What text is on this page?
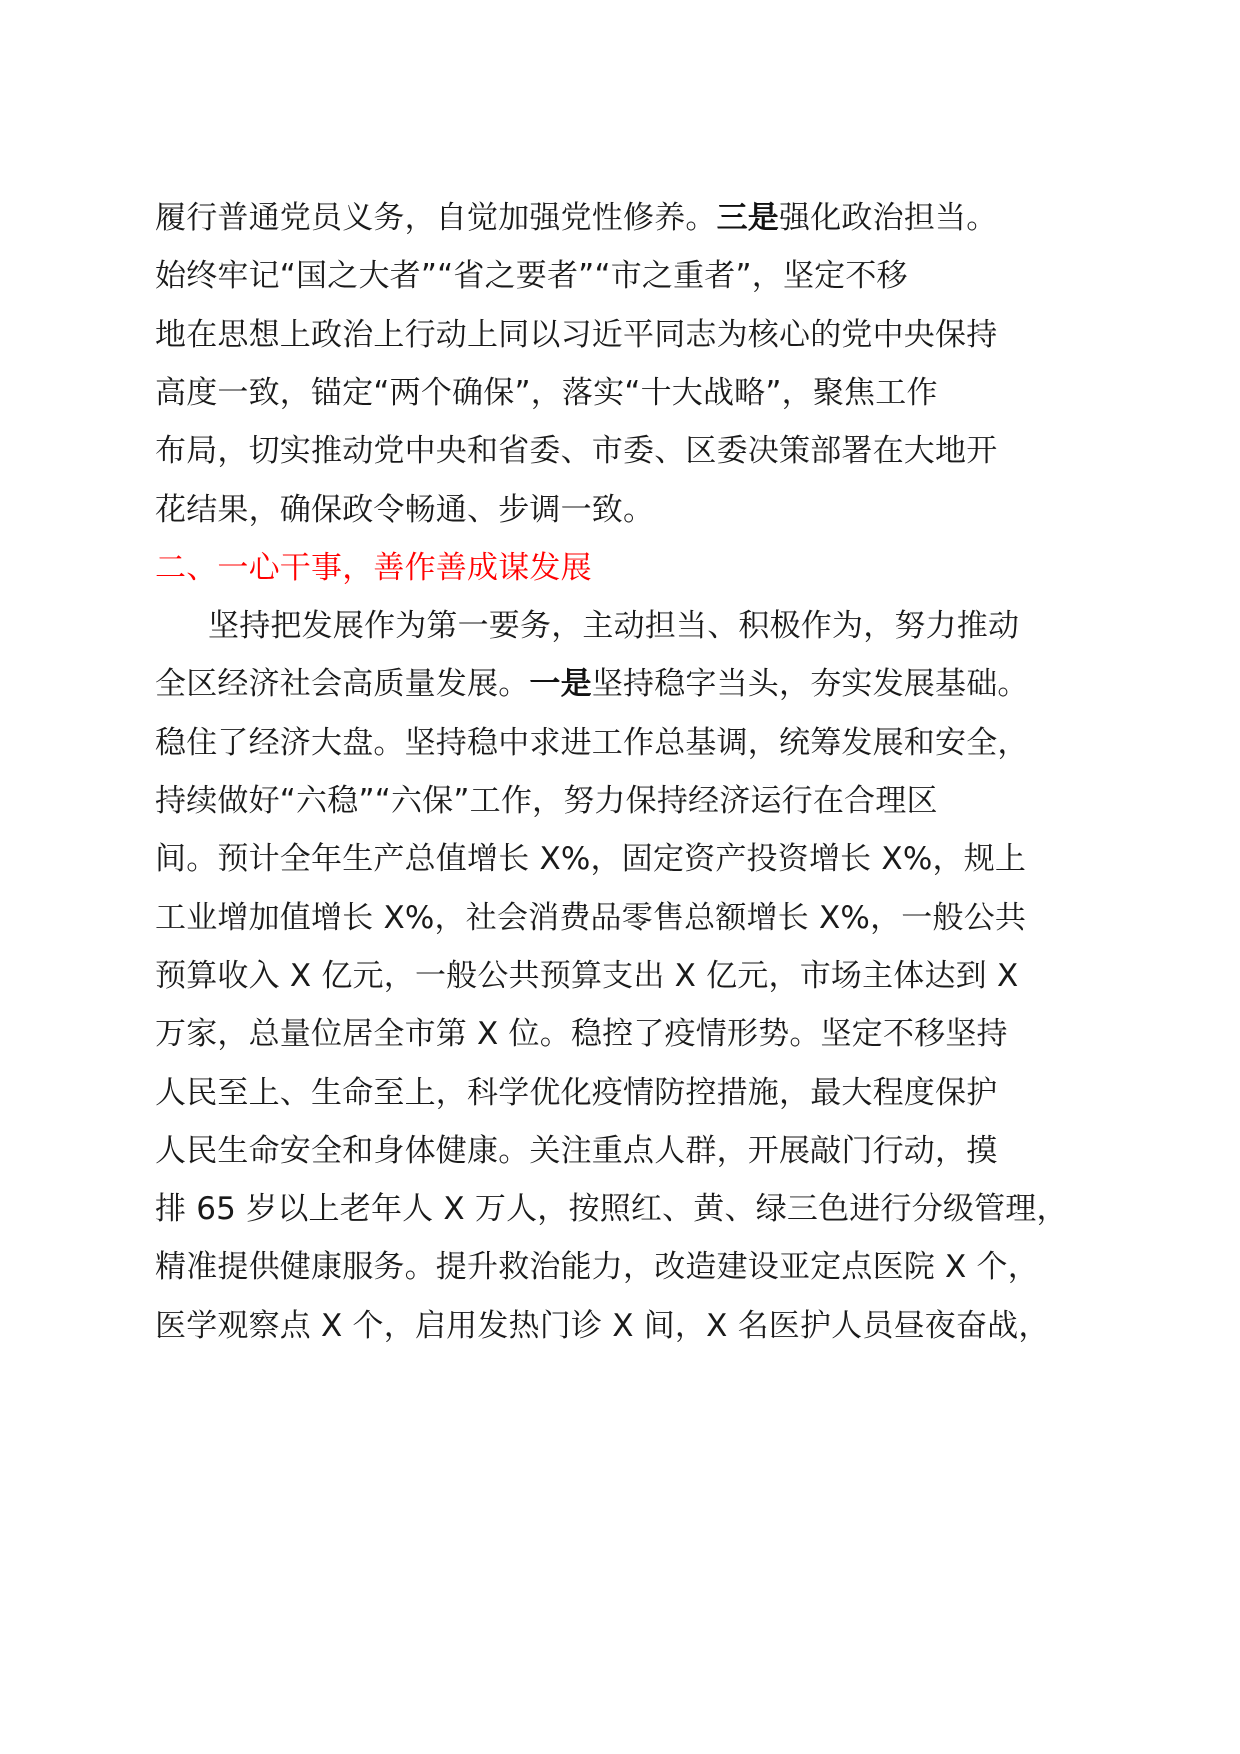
履行普通党员义务，自觉加强党性修养。三是强化政治担当。
始终牢记“国之大者”“省之要者”“市之重者”，坚定不移
地在思想上政治上行动上同以习近平同志为核心的党中央保持
高度一致，锚定“两个确保”，落实“十大战略”，聚焦工作
布局，切实推动党中央和省委、市委、区委决策部署在大地开
花结果，确保政令畅通、步调一致。
二、一心干事，善作善成谋发展
坚持把发展作为第一要务，主动担当、积极作为，努力推动
全区经济社会高质量发展。一是坚持稳字当头，夯实发展基础。
稳住了经济大盘。坚持稳中求进工作总基调，统筹发展和安全，
持续做好“六稳”“六保”工作，努力保持经济运行在合理区
间。预计全年生产总值增长 X%，固定资产投资增长 X%，规上
工业增加值增长 X%，社会消费品零售总额增长 X%，一般公共
预算收入 X 亿元，一般公共预算支出 X 亿元，市场主体达到 X
万家，总量位居全市第 X 位。稳控了疫情形势。坚定不移坚持
人民至上、生命至上，科学优化疫情防控措施，最大程度保护
人民生命安全和身体健康。关注重点人群，开展敲门行动，摸
排 65 岁以上老年人 X 万人，按照红、黄、绿三色进行分级管理，
精准提供健康服务。提升救治能力，改造建设亚定点医院 X 个，
医学观察点 X 个，启用发热门诊 X 间，X 名医护人员昼夜奋战，
